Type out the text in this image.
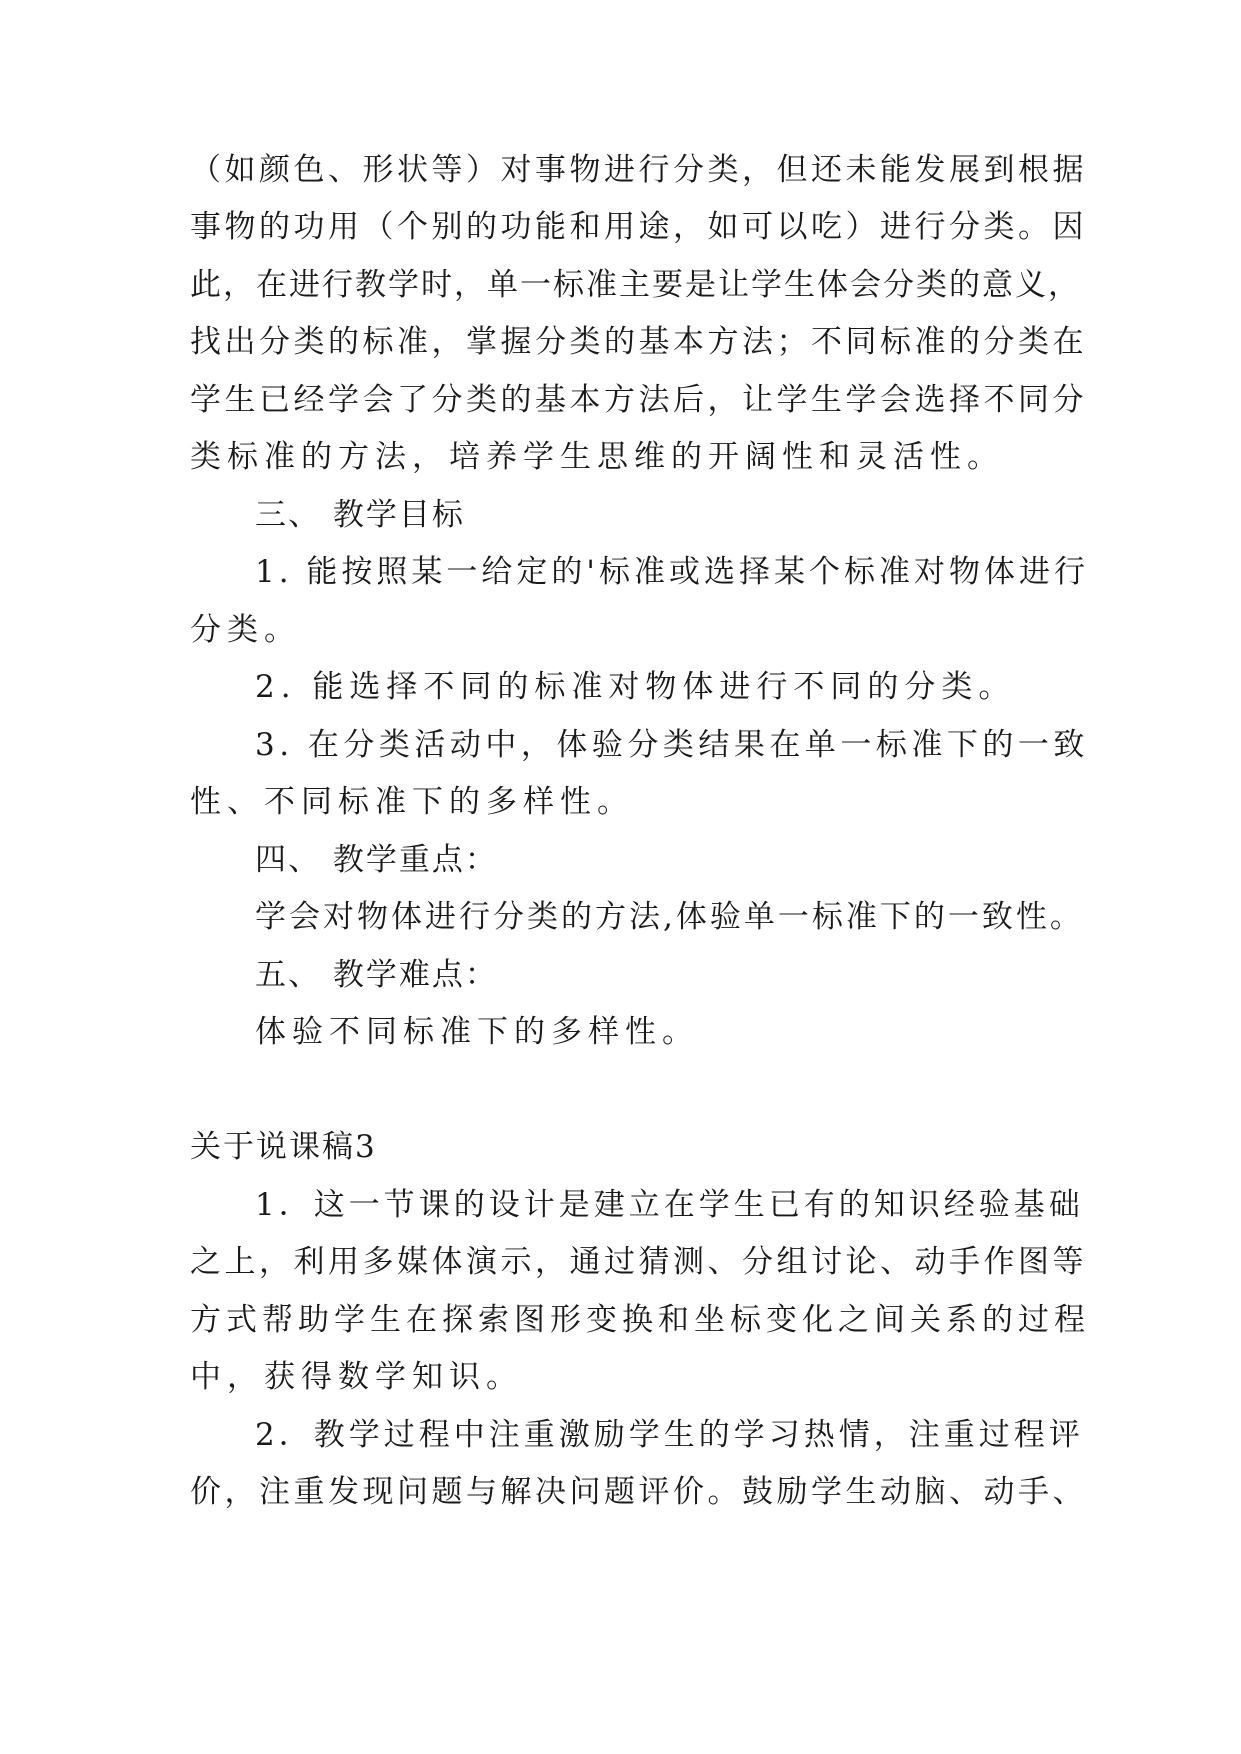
（如颜色、形状等）对事物进行分类，但还未能发展到根据
事物的功用（个别的功能和用途，如可以吃）进行分类。因
此，在进行教学时，单一标准主要是让学生体会分类的意义，
找出分类的标准，掌握分类的基本方法；不同标准的分类在
学生已经学会了分类的基本方法后，让学生学会选择不同分
类标准的方法，培养学生思维的开阔性和灵活性。
三、 教学目标
1. 能按照某一给定的'标准或选择某个标准对物体进行
分类。
2. 能选择不同的标准对物体进行不同的分类。
3. 在分类活动中，体验分类结果在单一标准下的一致
性、不同标准下的多样性。
四、 教学重点：
学会对物体进行分类的方法,体验单一标准下的一致性。
五、 教学难点：
体验不同标准下的多样性。
关于说课稿3
1．这一节课的设计是建立在学生已有的知识经验基础
之上，利用多媒体演示，通过猜测、分组讨论、动手作图等
方式帮助学生在探索图形变换和坐标变化之间关系的过程
中，获得数学知识。
2．教学过程中注重激励学生的学习热情，注重过程评
价，注重发现问题与解决问题评价。鼓励学生动脑、动手、
